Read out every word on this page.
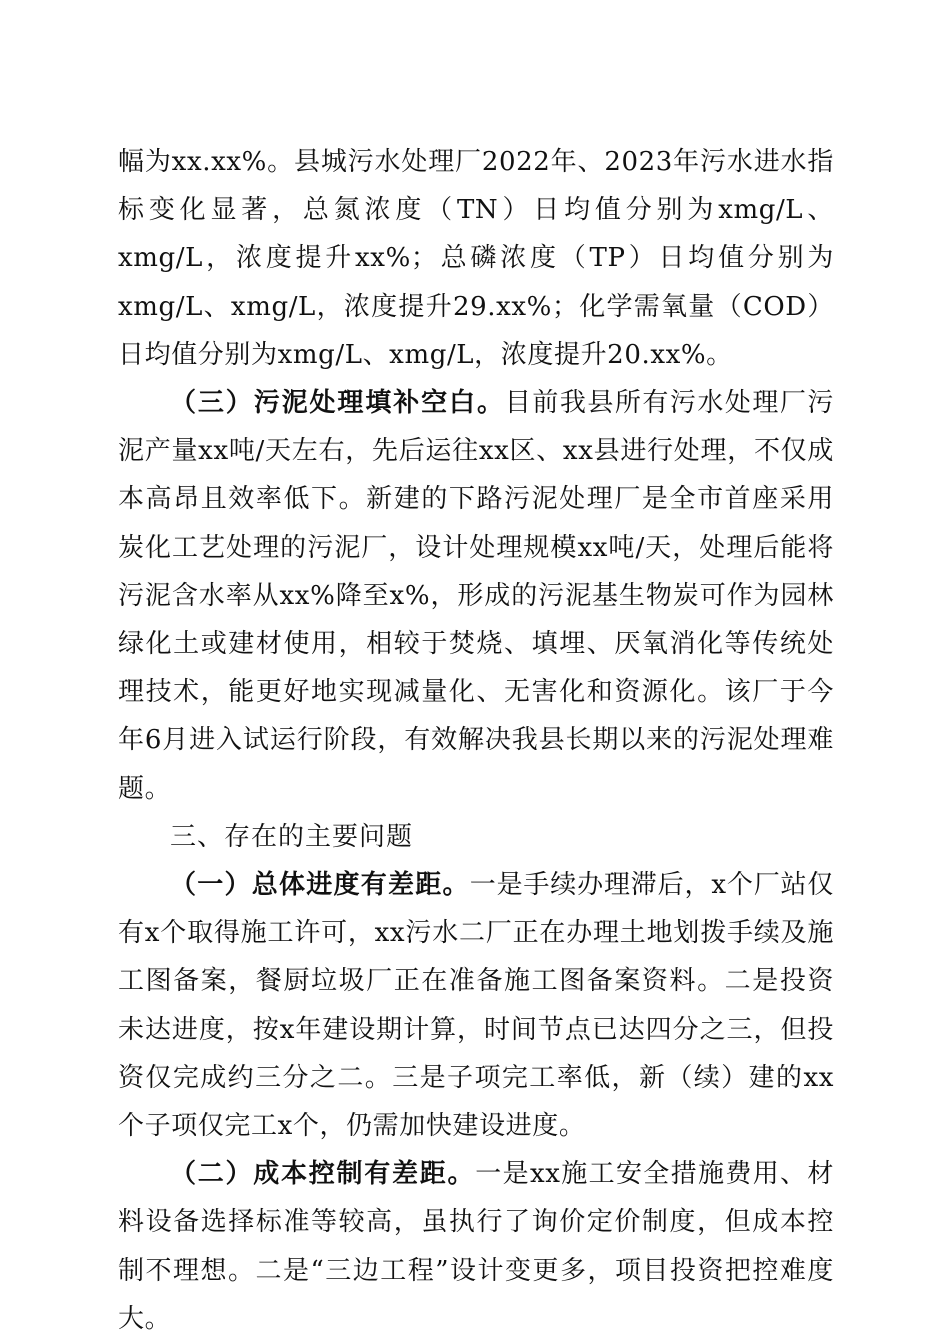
幅为xx.xx%。县城污水处理厂2022年、2023年污水进水指标变化显著，总氮浓度（TN）日均值分别为xmg/L、xmg/L，浓度提升xx%；总磷浓度（TP）日均值分别为xmg/L、xmg/L，浓度提升29.xx%；化学需氧量（COD）日均值分别为xmg/L、xmg/L，浓度提升20.xx%。

（三）污泥处理填补空白。目前我县所有污水处理厂污泥产量xx吨/天左右，先后运往xx区、xx县进行处理，不仅成本高昂且效率低下。新建的下路污泥处理厂是全市首座采用炭化工艺处理的污泥厂，设计处理规模xx吨/天，处理后能将污泥含水率从xx%降至x%，形成的污泥基生物炭可作为园林绿化土或建材使用，相较于焚烧、填埋、厌氧消化等传统处理技术，能更好地实现减量化、无害化和资源化。该厂于今年6月进入试运行阶段，有效解决我县长期以来的污泥处理难题。

三、存在的主要问题

（一）总体进度有差距。一是手续办理滞后，x个厂站仅有x个取得施工许可，xx污水二厂正在办理土地划拨手续及施工图备案，餐厨垃圾厂正在准备施工图备案资料。二是投资未达进度，按x年建设期计算，时间节点已达四分之三，但投资仅完成约三分之二。三是子项完工率低，新（续）建的xx个子项仅完工x个，仍需加快建设进度。

（二）成本控制有差距。一是xx施工安全措施费用、材料设备选择标准等较高，虽执行了询价定价制度，但成本控制不理想。二是“三边工程”设计变更多，项目投资把控难度大。
